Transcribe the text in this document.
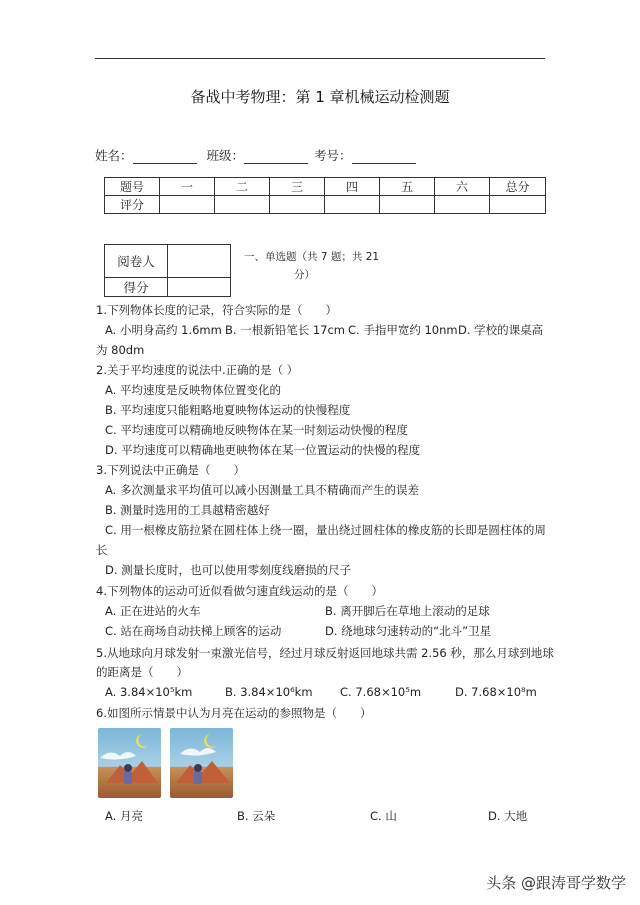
备战中考物理：第 1 章机械运动检测题
姓名：	班级：	考号：
题号	一	二	三	四	五	六	总分
评分							
阅卷人	
得分	
一、单选题（共 7 题；共 21
分）
1.下列物体长度的记录，符合实际的是（　　）
A. 小明身高约 1.6mm B. 一根新铅笔长 17cm C. 手指甲宽约 10nm D. 学校的课桌高
为 80dm
2.关于平均速度的说法中.正确的是（ ）
A. 平均速度是反映物体位置变化的
B. 平均速度只能粗略地夏映物体运动的快慢程度
C. 平均速度可以精确地反映物体在某一时刻运动快慢的程度
D. 平均速度可以精确地更映物体在某一位置运动的快慢的程度
3.下列说法中正确是（　　）
A. 多次测量求平均值可以减小因测量工具不精确而产生的误差
B. 测量时选用的工具越精密越好
C. 用一根橡皮筋拉紧在圆柱体上绕一圈，量出绕过圆柱体的橡皮筋的长即是圆柱体的周
长
D. 测量长度时，也可以使用零刻度线磨损的尺子
4.下列物体的运动可近似看做匀速直线运动的是（　　）
A. 正在进站的火车	B. 离开脚后在草地上滚动的足球
C. 站在商场自动扶梯上顾客的运动	D. 绕地球匀速转动的“北斗”卫星
5.从地球向月球发射一束激光信号，经过月球反射返回地球共需 2.56 秒，那么月球到地球
的距离是（　　）
A. 3.84×10⁵km	B. 3.84×10⁶km C. 7.68×10⁵m	D. 7.68×10⁸m
6.如图所示情景中认为月亮在运动的参照物是（　　）
A. 月亮	B. 云朵	C. 山	D. 大地
头条 @跟涛哥学数学
